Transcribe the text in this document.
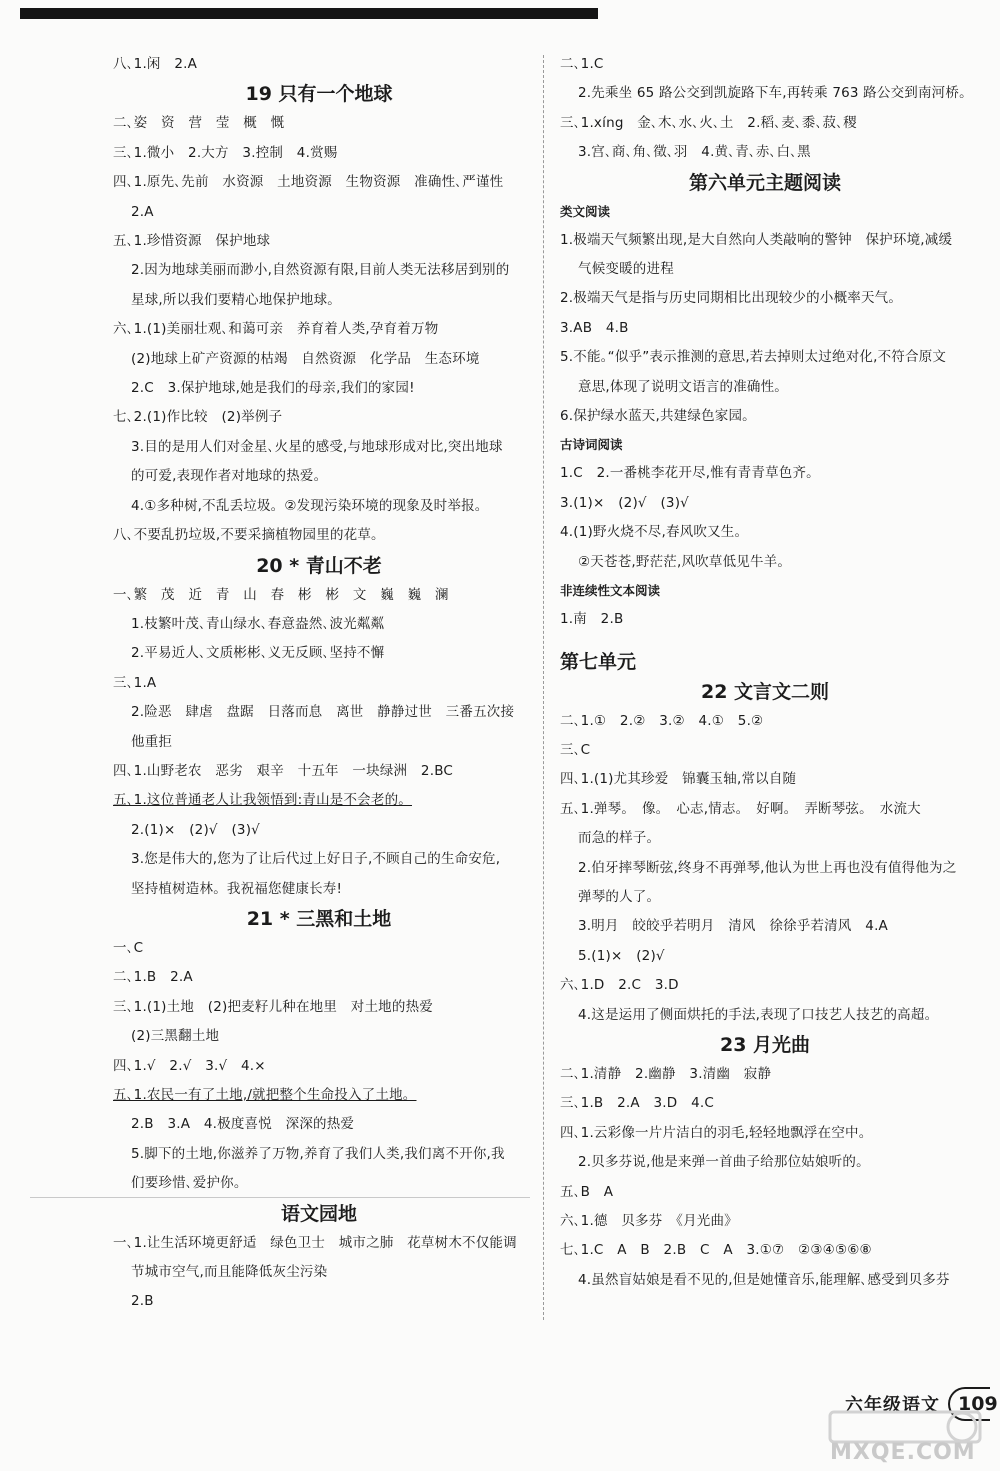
八､1.闲　2.A
19 只有一个地球
二､姿　资　营　莹　概　慨
三､1.微小　2.大方　3.控制　4.赏赐
四､1.原先､先前　水资源　土地资源　生物资源　准确性､严谨性
2.A
五､1.珍惜资源　保护地球
2.因为地球美丽而渺小,自然资源有限,目前人类无法移居到别的
星球,所以我们要精心地保护地球。
六､1.(1)美丽壮观､和蔼可亲　养育着人类,孕育着万物
(2)地球上矿产资源的枯竭　自然资源　化学品　生态环境
2.C　3.保护地球,她是我们的母亲,我们的家园!
七､2.(1)作比较　(2)举例子
3.目的是用人们对金星､火星的感受,与地球形成对比,突出地球
的可爱,表现作者对地球的热爱。
4.①多种树,不乱丢垃圾。②发现污染环境的现象及时举报。
八､不要乱扔垃圾,不要采摘植物园里的花草。
20 * 青山不老
一､繁　茂　近　青　山　春　彬　彬　文　巍　巍　澜
1.枝繁叶茂､青山绿水､春意盎然､波光粼粼
2.平易近人､文质彬彬､义无反顾､坚持不懈
三､1.A
2.险恶　肆虐　盘踞　日落而息　离世　静静过世　三番五次接
他重拒
四､1.山野老农　恶劣　艰辛　十五年　一块绿洲　2.BC
五､1.这位普通老人让我领悟到:青山是不会老的。
2.(1)×　(2)√　(3)√
3.您是伟大的,您为了让后代过上好日子,不顾自己的生命安危,
坚持植树造林。我祝福您健康长寿!
21 * 三黑和土地
一､C
二､1.B　2.A
三､1.(1)土地　(2)把麦籽儿种在地里　对土地的热爱
(2)三黑翻土地
四､1.√　2.√　3.√　4.×
五､1.农民一有了土地,/就把整个生命投入了土地。
2.B　3.A　4.极度喜悦　深深的热爱
5.脚下的土地,你滋养了万物,养育了我们人类,我们离不开你,我
们要珍惜､爱护你。
语文园地
一､1.让生活环境更舒适　绿色卫士　城市之肺　花草树木不仅能调
节城市空气,而且能降低灰尘污染
2.B
二､1.C
2.先乘坐 65 路公交到凯旋路下车,再转乘 763 路公交到南河桥。
三､1.xíng　金､木､水､火､土　2.稻､麦､黍､菽､稷
3.宫､商､角､徵､羽　4.黄､青､赤､白､黑
第六单元主题阅读
类文阅读
1.极端天气频繁出现,是大自然向人类敲响的警钟　保护环境,减缓
气候变暖的进程
2.极端天气是指与历史同期相比出现较少的小概率天气。
3.AB　4.B
5.不能｡“似乎”表示推测的意思,若去掉则太过绝对化,不符合原文
意思,体现了说明文语言的准确性。
6.保护绿水蓝天,共建绿色家园。
古诗词阅读
1.C　2.一番桃李花开尽,惟有青青草色齐。
3.(1)×　(2)√　(3)√
4.(1)野火烧不尽,春风吹又生。
②天苍苍,野茫茫,风吹草低见牛羊。
非连续性文本阅读
1.南　2.B
第七单元
22 文言文二则
二､1.①　2.②　3.②　4.①　5.②
三､C
四､1.(1)尤其珍爱　锦囊玉轴,常以自随
五､1.弹琴。　像。　心志,情志。　好啊。　弄断琴弦。　水流大
而急的样子。
2.伯牙摔琴断弦,终身不再弹琴,他认为世上再也没有值得他为之
弹琴的人了。
3.明月　皎皎乎若明月　清风　徐徐乎若清风　4.A
5.(1)×　(2)√
六､1.D　2.C　3.D
4.这是运用了侧面烘托的手法,表现了口技艺人技艺的高超。
23 月光曲
二､1.清静　2.幽静　3.清幽　寂静
三､1.B　2.A　3.D　4.C
四､1.云彩像一片片洁白的羽毛,轻轻地飘浮在空中。
2.贝多芬说,他是来弹一首曲子给那位姑娘听的。
五､B　A
六､1.德　贝多芬　《月光曲》
七､1.C　A　B　2.B　C　A　3.①⑦　②③④⑤⑥⑧
4.虽然盲姑娘是看不见的,但是她懂音乐,能理解､感受到贝多芬
六年级语文 109
MXQE.COM
